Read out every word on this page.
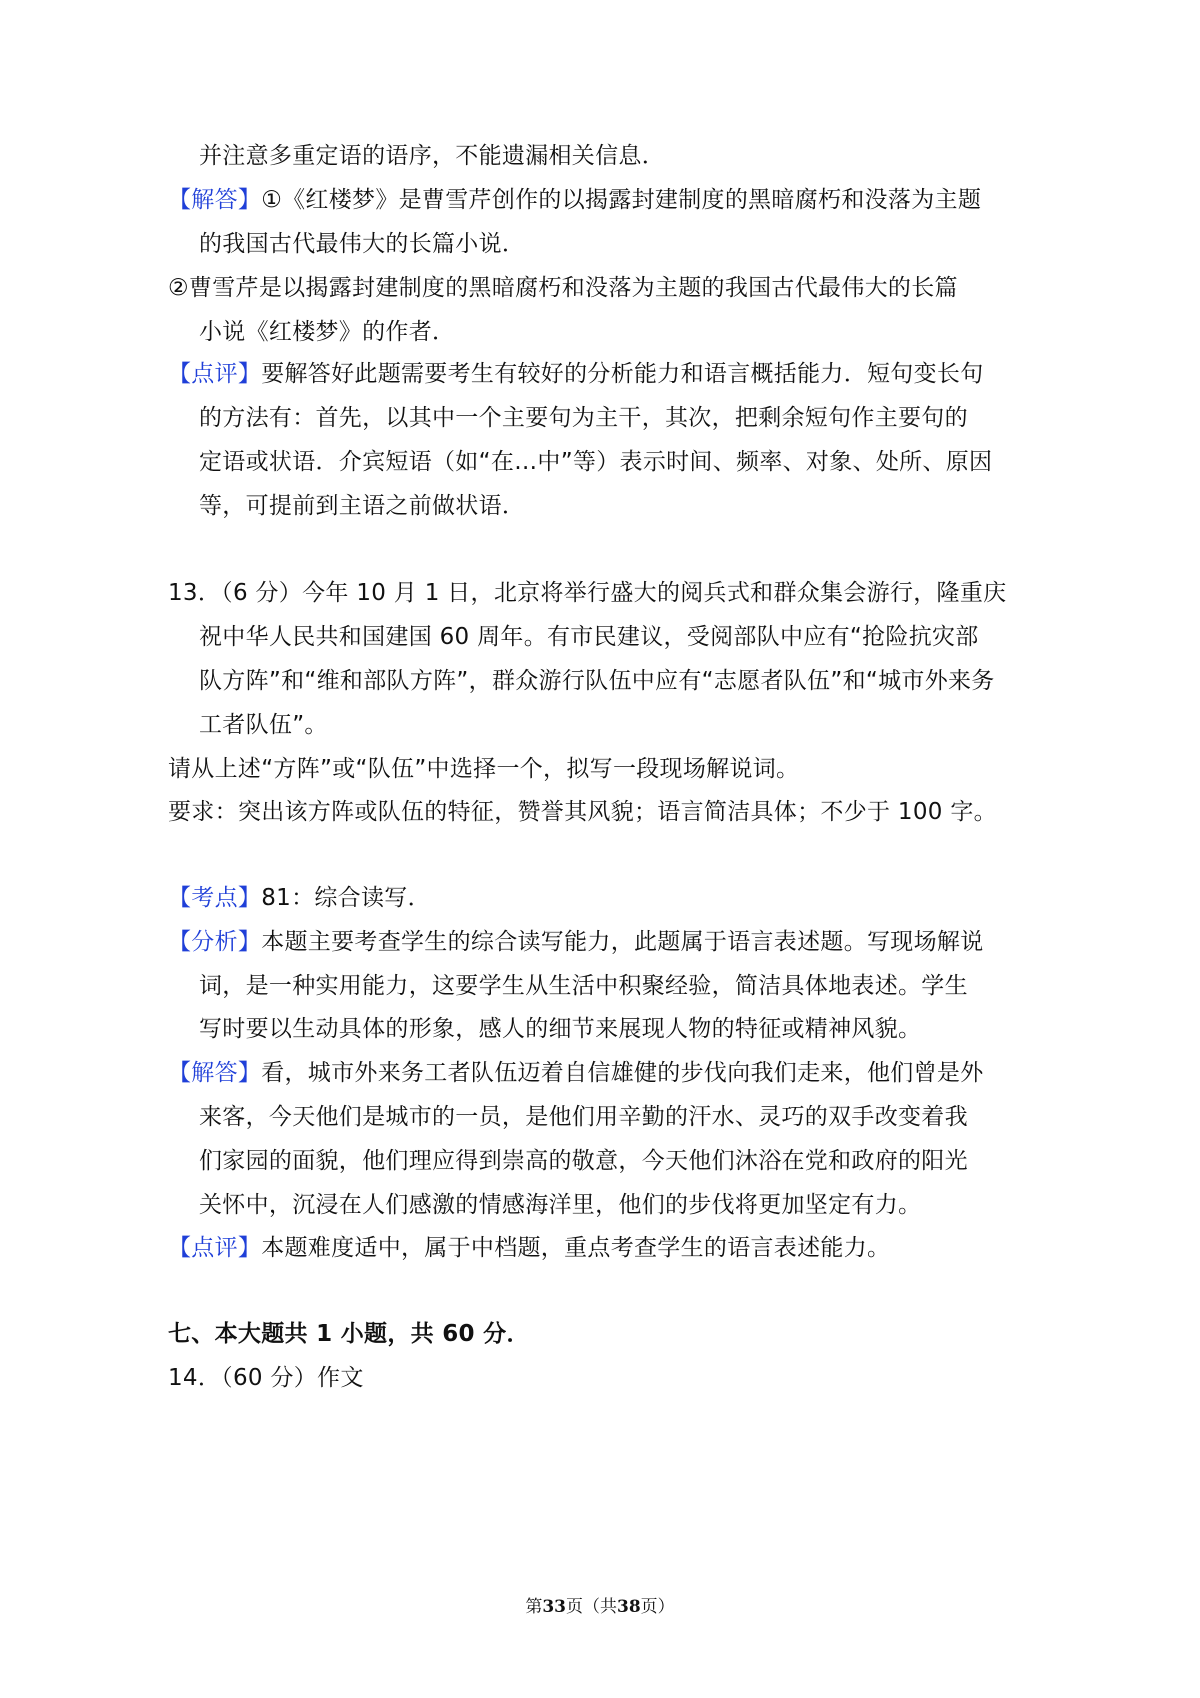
并注意多重定语的语序，不能遗漏相关信息．
【解答】①《红楼梦》是曹雪芹创作的以揭露封建制度的黑暗腐朽和没落为主题
的我国古代最伟大的长篇小说．
②曹雪芹是以揭露封建制度的黑暗腐朽和没落为主题的我国古代最伟大的长篇
小说《红楼梦》的作者．
【点评】要解答好此题需要考生有较好的分析能力和语言概括能力．短句变长句
的方法有：首先，以其中一个主要句为主干，其次，把剩余短句作主要句的
定语或状语．介宾短语（如“在…中”等）表示时间、频率、对象、处所、原因
等，可提前到主语之前做状语．
13．（6 分）今年 10 月 1 日，北京将举行盛大的阅兵式和群众集会游行，隆重庆
祝中华人民共和国建国 60 周年。有市民建议，受阅部队中应有“抢险抗灾部
队方阵”和“维和部队方阵”，群众游行队伍中应有“志愿者队伍”和“城市外来务
工者队伍”。
请从上述“方阵”或“队伍”中选择一个，拟写一段现场解说词。
要求：突出该方阵或队伍的特征，赞誉其风貌；语言简洁具体；不少于 100 字。
【考点】81：综合读写．
【分析】本题主要考查学生的综合读写能力，此题属于语言表述题。写现场解说
词，是一种实用能力，这要学生从生活中积聚经验，简洁具体地表述。学生
写时要以生动具体的形象，感人的细节来展现人物的特征或精神风貌。
【解答】看，城市外来务工者队伍迈着自信雄健的步伐向我们走来，他们曾是外
来客，今天他们是城市的一员，是他们用辛勤的汗水、灵巧的双手改变着我
们家园的面貌，他们理应得到崇高的敬意，今天他们沐浴在党和政府的阳光
关怀中，沉浸在人们感激的情感海洋里，他们的步伐将更加坚定有力。
【点评】本题难度适中，属于中档题，重点考查学生的语言表述能力。
七、本大题共 1 小题，共 60 分．
14．（60 分）作文
第33页（共38页）
